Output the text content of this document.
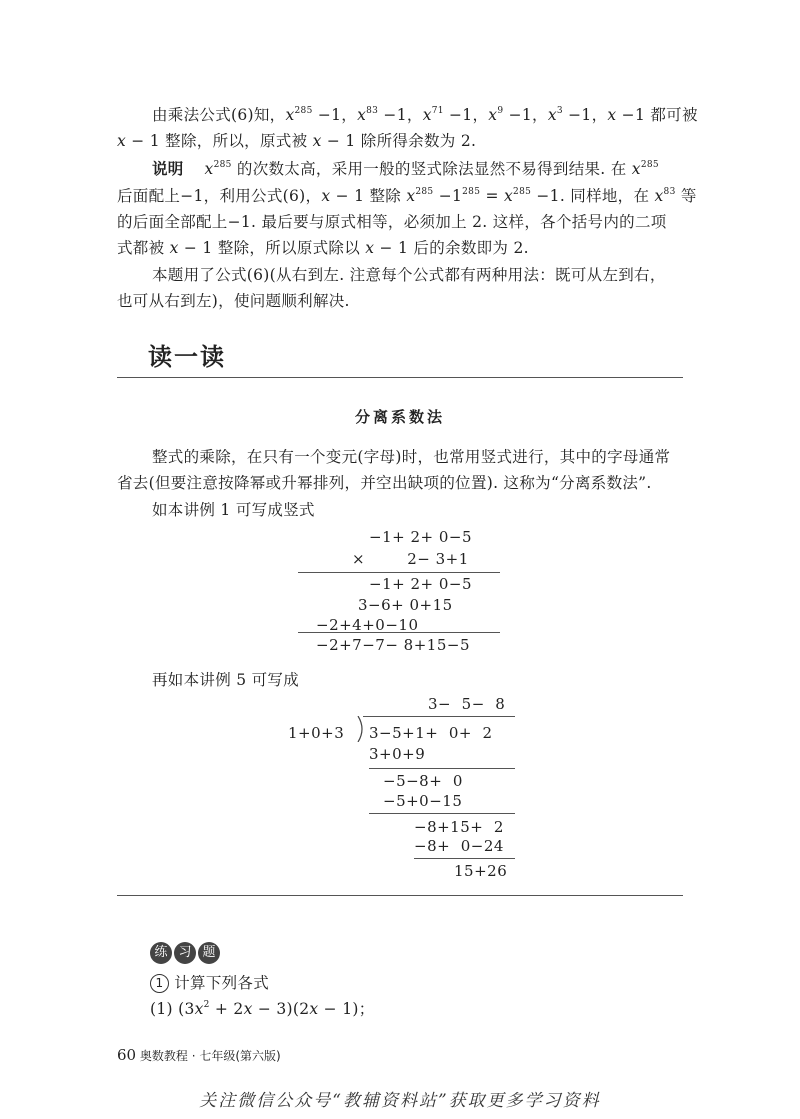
由乘法公式(6)知，$x^{285} -1$，$x^{83} -1$，$x^{71} -1$，$x^9 -1$，$x^3 -1$，x −1 都可被
x − 1 整除，所以，原式被 x − 1 除所得余数为 2.
说明 $x^{285}$ 的次数太高，采用一般的竖式除法显然不易得到结果. 在 $x^{285}$
后面配上−1，利用公式(6)，x − 1 整除 $x^{285} -1^{285} = x^{285} -1$. 同样地，在 $x^{83}$ 等
的后面全部配上−1. 最后要与原式相等，必须加上 2. 这样，各个括号内的二项
式都被 x − 1 整除，所以原式除以 x − 1 后的余数即为 2.
本题用了公式(6)(从右到左. 注意每个公式都有两种用法：既可从左到右，
也可从右到左)，使问题顺利解决.
读一读
分离系数法
整式的乘除，在只有一个变元(字母)时，也常用竖式进行，其中的字母通常
省去(但要注意按降幂或升幂排列，并空出缺项的位置). 这称为“分离系数法”.
如本讲例 1 可写成竖式
−1+ 2+ 0−5
×        2− 3+1
−1+ 2+ 0−5
3−6+ 0+15
−2+4+0−10
−2+7−7− 8+15−5
再如本讲例 5 可写成
3−  5−  8
1+0+3 3−5+1+  0+  2
3+0+9
−5−8+  0
−5+0−15
−8+15+  2
−8+  0−24
15+26
练 习 题
1 计算下列各式
(1) $(3x^2 + 2x - 3)(2x - 1)$；
60 奥数教程 · 七年级(第六版)
关注微信公众号“教辅资料站”获取更多学习资料
